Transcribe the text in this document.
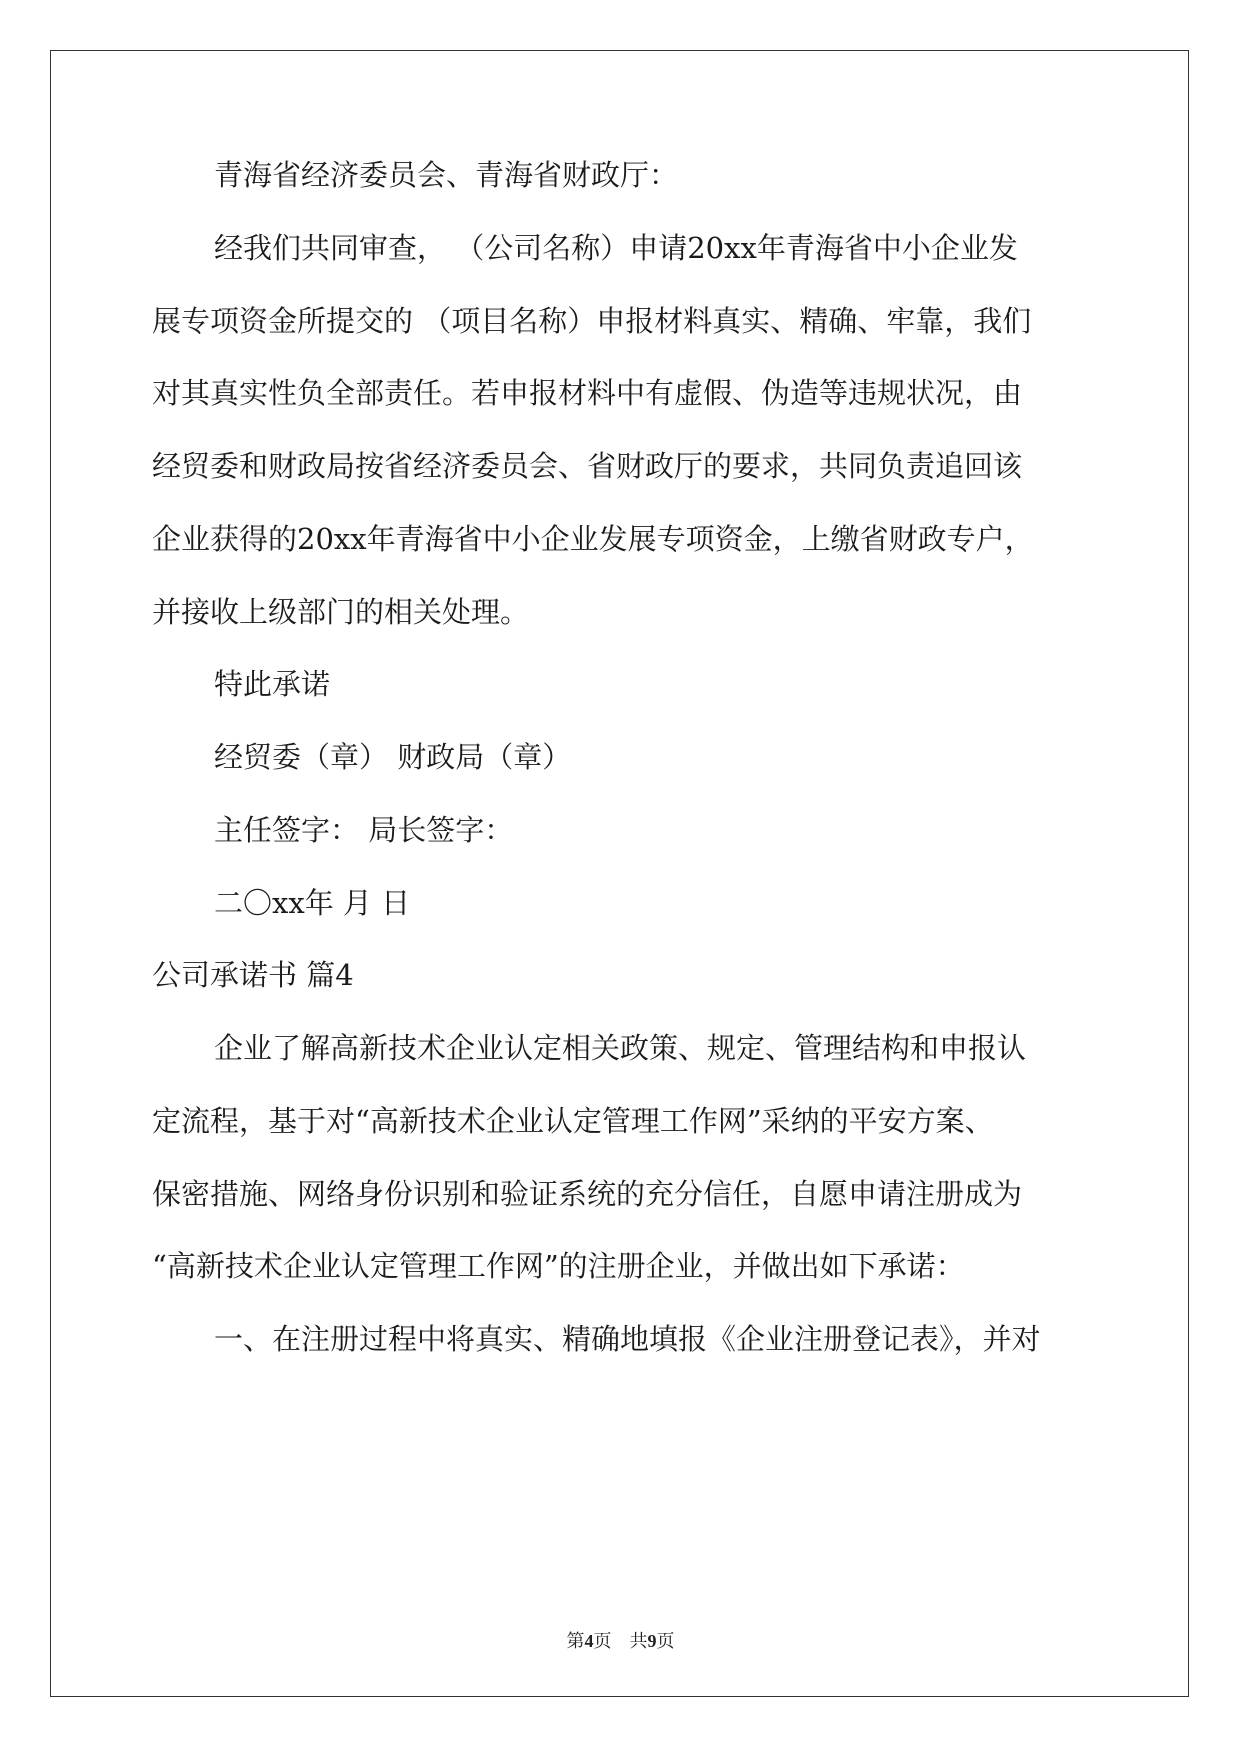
青海省经济委员会、青海省财政厅：

经我们共同审查， （公司名称）申请20xx年青海省中小企业发

展专项资金所提交的 （项目名称）申报材料真实、精确、牢靠，我们

对其真实性负全部责任。若申报材料中有虚假、伪造等违规状况，由

经贸委和财政局按省经济委员会、省财政厅的要求，共同负责追回该

企业获得的20xx年青海省中小企业发展专项资金，上缴省财政专户，

并接收上级部门的相关处理。

特此承诺

经贸委（章） 财政局（章）

主任签字： 局长签字：

二〇xx年 月 日

公司承诺书 篇4

企业了解高新技术企业认定相关政策、规定、管理结构和申报认

定流程，基于对“高新技术企业认定管理工作网”采纳的平安方案、

保密措施、网络身份识别和验证系统的充分信任，自愿申请注册成为

“高新技术企业认定管理工作网”的注册企业，并做出如下承诺：

一、在注册过程中将真实、精确地填报《企业注册登记表》，并对

第4页　共9页
